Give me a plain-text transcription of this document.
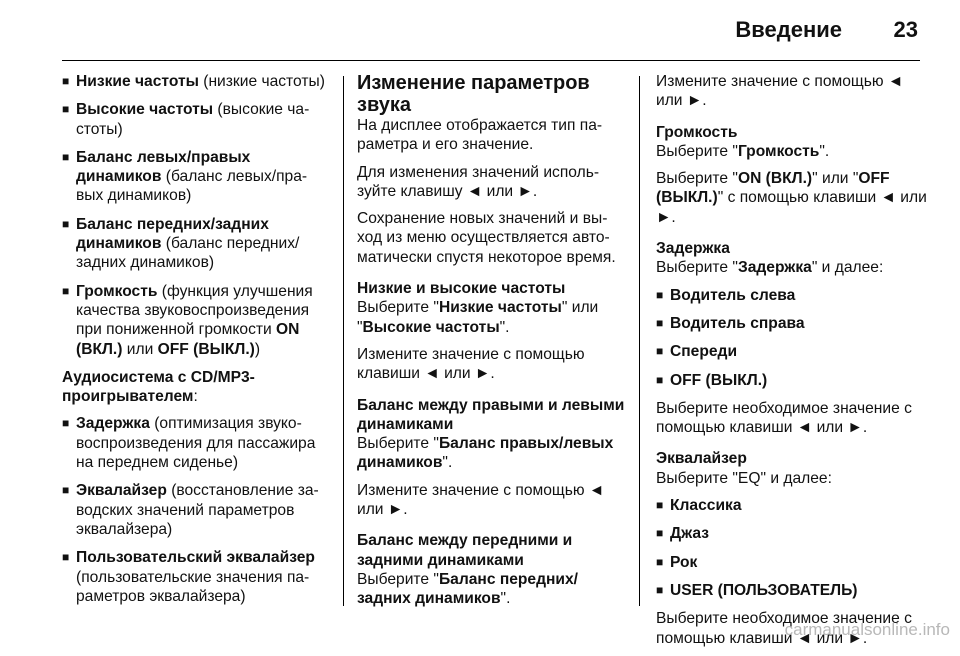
Введение 23
■ Низкие частоты (низкие частоты)
■ Высокие частоты (высокие ча-стоты)
■ Баланс левых/правых динамиков (баланс левых/пра-вых динамиков)
■ Баланс передних/задних динамиков (баланс передних/задних динамиков)
■ Громкость (функция улучшения качества звуковоспроизведения при пониженной громкости ON (ВКЛ.) или OFF (ВЫКЛ.))
Аудиосистема с CD/MP3-проигрывателем:
■ Задержка (оптимизация звуко-воспроизведения для пассажира на переднем сиденье)
■ Эквалайзер (восстановление за-водских значений параметров эквалайзера)
■ Пользовательский эквалайзер (пользовательские значения па-раметров эквалайзера)
Изменение параметров звука
На дисплее отображается тип па-раметра и его значение.
Для изменения значений исполь-зуйте клавишу ◄ или ►.
Сохранение новых значений и вы-ход из меню осуществляется авто-матически спустя некоторое время.
Низкие и высокие частоты
Выберите "Низкие частоты" или "Высокие частоты".
Измените значение с помощью клавиши ◄ или ►.
Баланс между правыми и левыми динамиками
Выберите "Баланс правых/левых динамиков".
Измените значение с помощью ◄ или ►.
Баланс между передними и задними динамиками
Выберите "Баланс передних/задних динамиков".
Измените значение с помощью ◄ или ►.
Громкость
Выберите "Громкость".
Выберите "ON (ВКЛ.)" или "OFF (ВЫКЛ.)" с помощью клавиши ◄ или ►.
Задержка
Выберите "Задержка" и далее:
■ Водитель слева
■ Водитель справа
■ Спереди
■ OFF (ВЫКЛ.)
Выберите необходимое значение с помощью клавиши ◄ или ►.
Эквалайзер
Выберите "EQ" и далее:
■ Классика
■ Джаз
■ Рок
■ USER (ПОЛЬЗОВАТЕЛЬ)
Выберите необходимое значение с помощью клавиши ◄ или ►.
carmanualsonline.info
